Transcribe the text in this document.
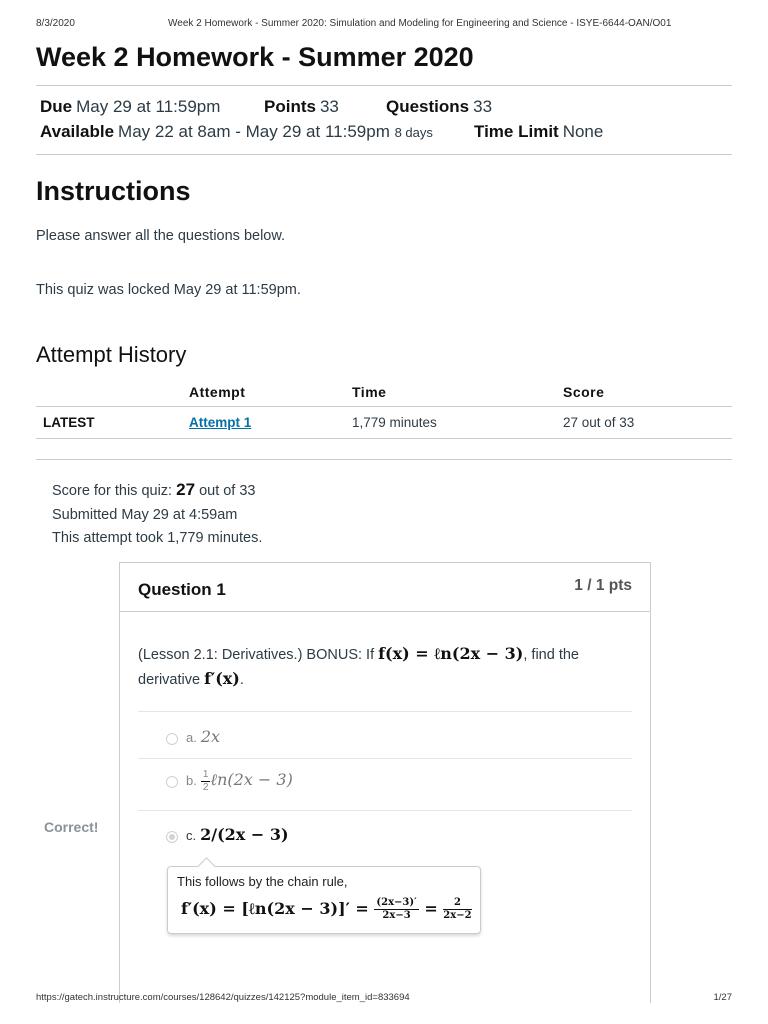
8/3/2020	Week 2 Homework - Summer 2020: Simulation and Modeling for Engineering and Science - ISYE-6644-OAN/O01
Week 2 Homework - Summer 2020
Due May 29 at 11:59pm	Points 33	Questions 33
Available May 22 at 8am - May 29 at 11:59pm 8 days Time Limit None
Instructions
Please answer all the questions below.
This quiz was locked May 29 at 11:59pm.
Attempt History
	Attempt	Time	Score
LATEST	Attempt 1	1,779 minutes	27 out of 33
Score for this quiz: 27 out of 33
Submitted May 29 at 4:59am
This attempt took 1,779 minutes.
Question 1	1 / 1 pts
(Lesson 2.1: Derivatives.) BONUS: If f(x) = ℓn(2x − 3), find the
derivative f′(x).
a. 2x
b. $\frac{1}{2}$ ℓn(2x − 3)
c. 2/(2x − 3)
Correct!
This follows by the chain rule,
f′(x) = [ℓn(2x − $3)]' = \frac{(2x-3)'}{2x-3} = \frac{2}{2x-2}$
https://gatech.instructure.com/courses/128642/quizzes/142125?module_item_id=833694	1/27
